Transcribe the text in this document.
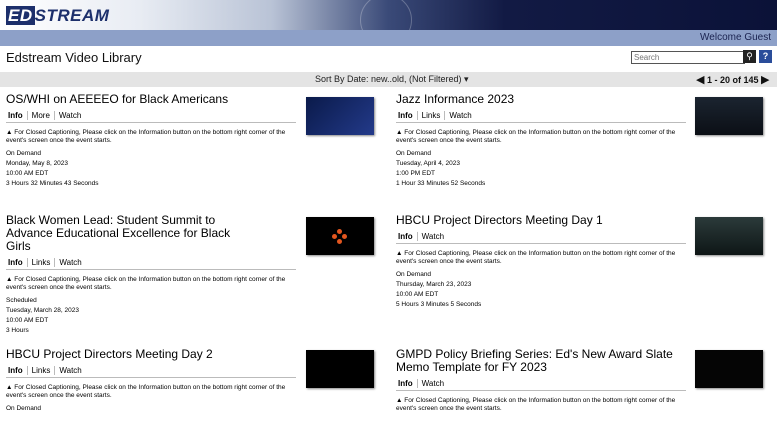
ED STREAM
Welcome Guest
Edstream Video Library
Search	⚲	?
Sort By Date: new..old, (Not Filtered) ▾	◀ 1 - 20 of 145 ▶
OS/WHI on AEEEEO for Black Americans
Info More Watch
▲ For Closed Captioning, Please click on the Information button on the bottom right corner of the event's screen once the event starts.
On Demand
Monday, May 8, 2023
10:00 AM EDT
3 Hours 32 Minutes 43 Seconds
Jazz Informance 2023
Info Links Watch
▲ For Closed Captioning, Please click on the Information button on the bottom right corner of the event's screen once the event starts.
On Demand
Tuesday, April 4, 2023
1:00 PM EDT
1 Hour 33 Minutes 52 Seconds
Black Women Lead: Student Summit to Advance Educational Excellence for Black Girls
Info Links Watch
▲ For Closed Captioning, Please click on the Information button on the bottom right corner of the event's screen once the event starts.
Scheduled
Tuesday, March 28, 2023
10:00 AM EDT
3 Hours
HBCU Project Directors Meeting Day 1
Info Watch
▲ For Closed Captioning, Please click on the Information button on the bottom right corner of the event's screen once the event starts.
On Demand
Thursday, March 23, 2023
10:00 AM EDT
5 Hours 3 Minutes 5 Seconds
HBCU Project Directors Meeting Day 2
Info Links Watch
▲ For Closed Captioning, Please click on the Information button on the bottom right corner of the event's screen once the event starts.
On Demand
GMPD Policy Briefing Series: Ed's New Award Slate Memo Template for FY 2023
Info Watch
▲ For Closed Captioning, Please click on the Information button on the bottom right corner of the event's screen once the event starts.
